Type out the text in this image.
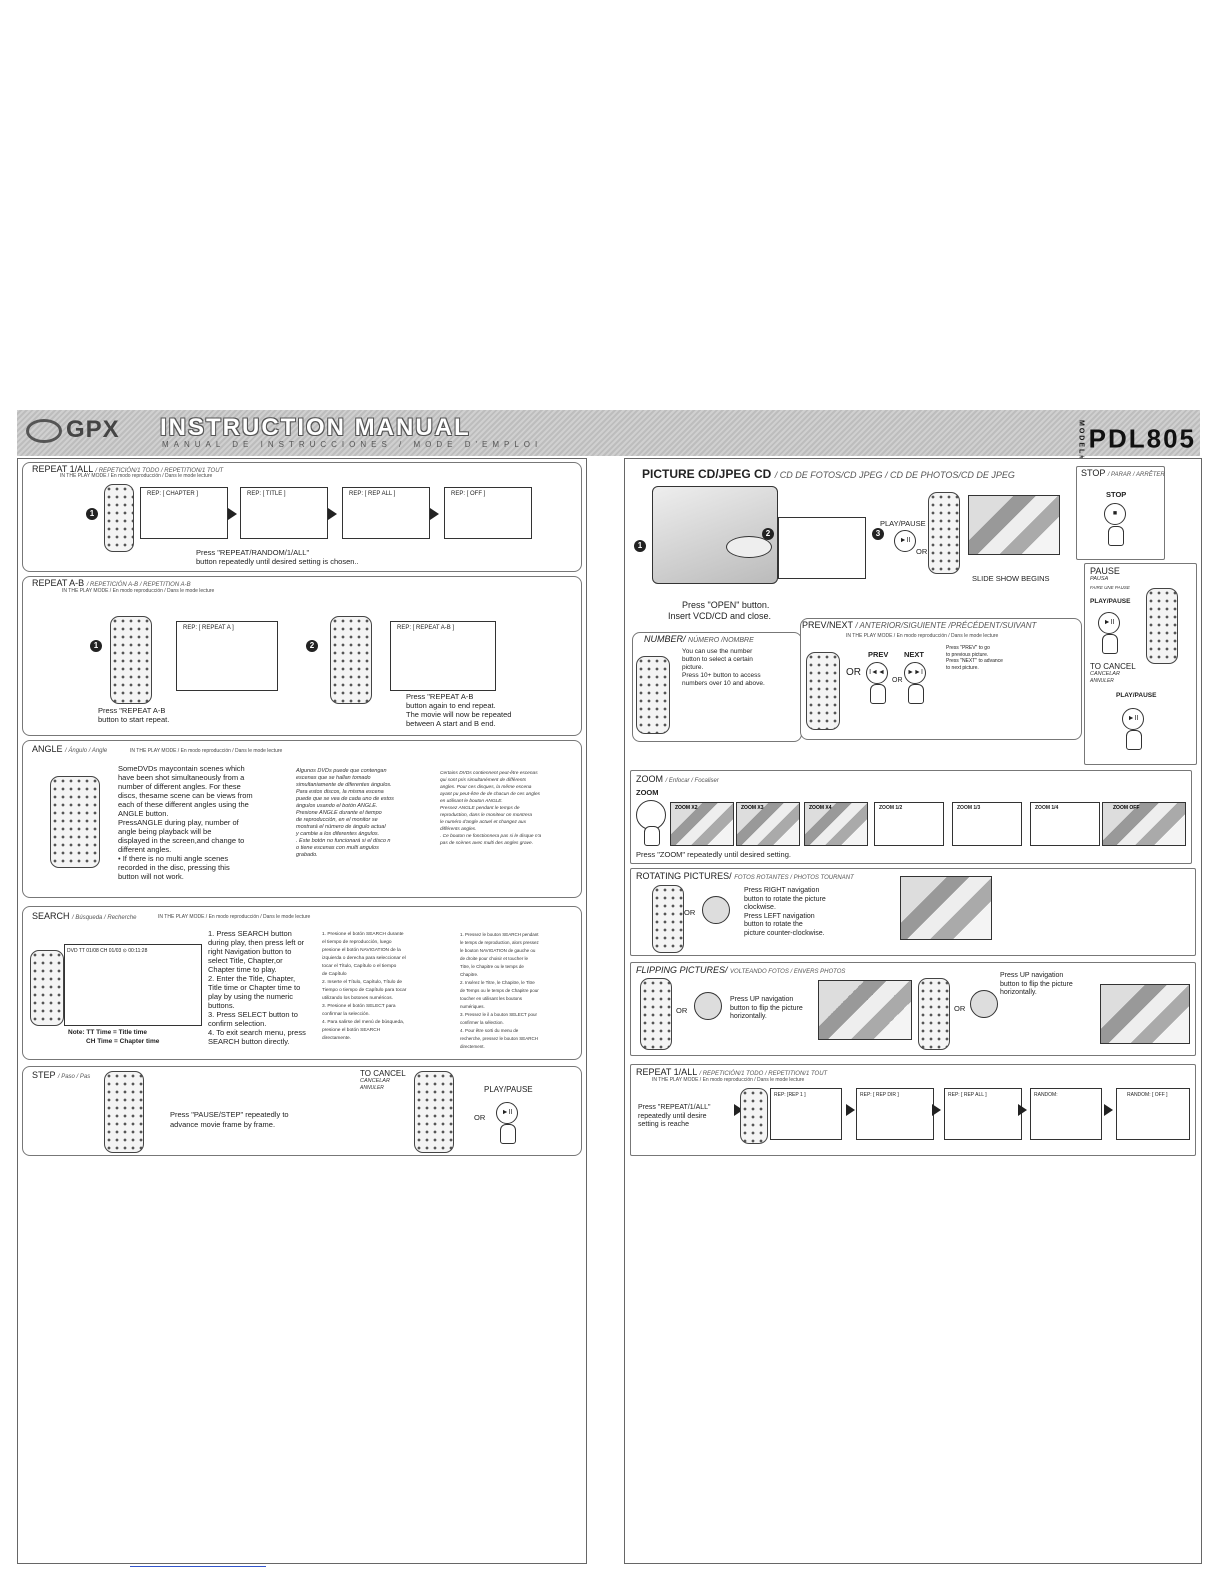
GPX INSTRUCTION MANUAL
MANUAL DE INSTRUCCIONES / MODE D'EMPLOI	MODEL# PDL805
REPEAT 1/ALL / REPETICIÓN/1 TODO / REPETITION/1 TOUT
IN THE PLAY MODE / En modo reproducción / Dans le mode lecture
1
REP: [ CHAPTER ]	REP: [ TITLE ]	REP: [ REP ALL ]	REP: [ OFF ]
Press "REPEAT/RANDOM/1/ALL"
button repeatedly until desired setting is chosen..
REPEAT A-B / REPETICIÓN A-B / REPETITION A-B
IN THE PLAY MODE / En modo reproducción / Dans le mode lecture
1
REP: [ REPEAT A ]
2
REP: [ REPEAT A-B ]
Press "REPEAT A-B
button to start repeat.
Press "REPEAT A-B
button again to end repeat.
The movie will now be repeated
between A start and B end.
ANGLE / Ángulo / Angle	IN THE PLAY MODE / En modo reproducción / Dans le mode lecture
SomeDVDs maycontain scenes which
have been shot simultaneously from a
number of different angles. For these
discs, thesame scene can be views from
each of these different angles using the
ANGLE button.
PressANGLE during play, number of
angle being playback will be
displayed in the screen,and change to
different angles.
• If there is no multi angle scenes
recorded in the disc, pressing this
button will not work.
Algunos DVDs puede que contengan
escenas que se hallan tomado
simultaniamente de diferentes ángulos.
Para estos discos, la misma escena
puede que se vea de cada uno de estos
ángulos usando el botón ANGLE.
Presione ANGLE durante el tiempo
de reproducción, en el monitor se
mostrará el número de ángulo actual
y cambie a los diferentes ángulos.
. Este botón no funcionará si el disco n
o tiene escenas con multi angulos
grabado.
Certains DVDs contiennent peut-être escenas
qui sont pris simultanément de différents
angles. Pour ces disques, la même escena
ayant pu peut-être de de chacun de ces angles
en utilisant le bouton ANGLE.
Pressez ANGLE pendant le temps de
reproduction, dans le moniteur on montrera
le numéro d'angle actuel et changez aux
différents angles.
. Ce bouton ne fonctionnera pas si le disque n'a
pas de scènes avec multi des angles grave.
SEARCH / Búsqueda / Recherche	IN THE PLAY MODE / En modo reproducción / Dans le mode lecture
DVD TT 01/08 CH 01/03 ⊙ 00:11:28
Note: TT Time = Title time
CH Time = Chapter time
1. Press SEARCH button
during play, then press left or
right Navigation button to
select Title, Chapter,or
Chapter time to play.
2. Enter the Title, Chapter,
Title time or Chapter time to
play by using the numeric
buttons.
3. Press SELECT button to
confirm selection.
4. To exit search menu, press
SEARCH button directly.
1. Presione el botón SEARCH durante
el tiempo de reproducción, luego
presione el botón NAVIGATION de la
izquierda o derecha para seleccionar el
tocar el Título, Capítulo o el tiempo
de Capítulo
2. Inserte el Título, Capítulo, Título de
Tiempo o tiempo de Capítulo para tocar
utilizando los botones numéricos.
3. Presione el botón SELECT para
confirmar la selección.
4. Para salirse del menú de búsqueda,
presione el botón SEARCH
directamente.
1. Pressez le bouton SEARCH pendant
le temps de reproduction, alors pressez
le bouton NAVIGATION de gauche ou
de droite pour choisir et toucher le
Titre, le Chapitre ou le temps de
Chapitre.
2. Insérez le Titre, le Chapitre, le Titre
de Temps ou le temps de Chapitre pour
toucher en utilisant les boutons
numériques.
3. Pressez le il a bouton SELECT pour
confirmer la sélection.
4. Pour être sorti du menu de
recherche, pressez le bouton SEARCH
directement.
STEP / Paso / Pas
Press "PAUSE/STEP" repeatedly to
advance movie frame by frame.
TO CANCEL
CANCELAR
ANNULER	PLAY/PAUSE
OR
►II
PICTURE CD/JPEG CD / CD DE FOTOS/CD JPEG / CD DE PHOTOS/CD DE JPEG
1
Press "OPEN" button.
Insert VCD/CD and close.
2	3
PLAY/PAUSE
►II
OR
SLIDE SHOW BEGINS
STOP / PARAR / ARRÊTER
STOP
■
PAUSE
PAUSA
FAIRE UNE PAUSE
PLAY/PAUSE
►II
TO CANCEL
CANCELAR
ANNULER
PLAY/PAUSE
►II
NUMBER/ NÚMERO /NOMBRE
You can use the number
button to select a certain
picture.
Press 10+ button to access
numbers over 10 and above.
PREV/NEXT / ANTERIOR/SIGUIENTE /PRÉCÉDENT/SUIVANT
IN THE PLAY MODE / En modo reproducción / Dans le mode lecture
PREV NEXT
OR	I◄◄
OR
►►I
Press "PREV" to go
to previous picture.
Press "NEXT" to advance
to next picture.
ZOOM / Enfocar / Focaliser
ZOOM
ZOOM X2	ZOOM X3	ZOOM X4	ZOOM 1/2	ZOOM 1/3	ZOOM 1/4	ZOOM OFF
Press "ZOOM" repeatedly until desired setting.
ROTATING PICTURES/ FOTOS ROTANTES / PHOTOS TOURNANT
OR
Press RIGHT navigation
button to rotate the picture
clockwise.
Press LEFT navigation
button to rotate the
picture counter-clockwise.
FLIPPING PICTURES/ VOLTEANDO FOTOS / ENVERS PHOTOS
OR
Press UP navigation
button to flip the picture
horizontally.
OR
Press UP navigation
button to flip the picture
horizontally.
REPEAT 1/ALL / REPETICIÓN/1 TODO / REPETITION/1 TOUT
IN THE PLAY MODE / En modo reproducción / Dans le mode lecture
Press "REPEAT/1/ALL"
repeatedly until desire
setting is reache
REP: [REP 1 ]	REP: [ REP DIR ]	REP: [ REP ALL ]	RANDOM:	RANDOM: [ OFF ]
